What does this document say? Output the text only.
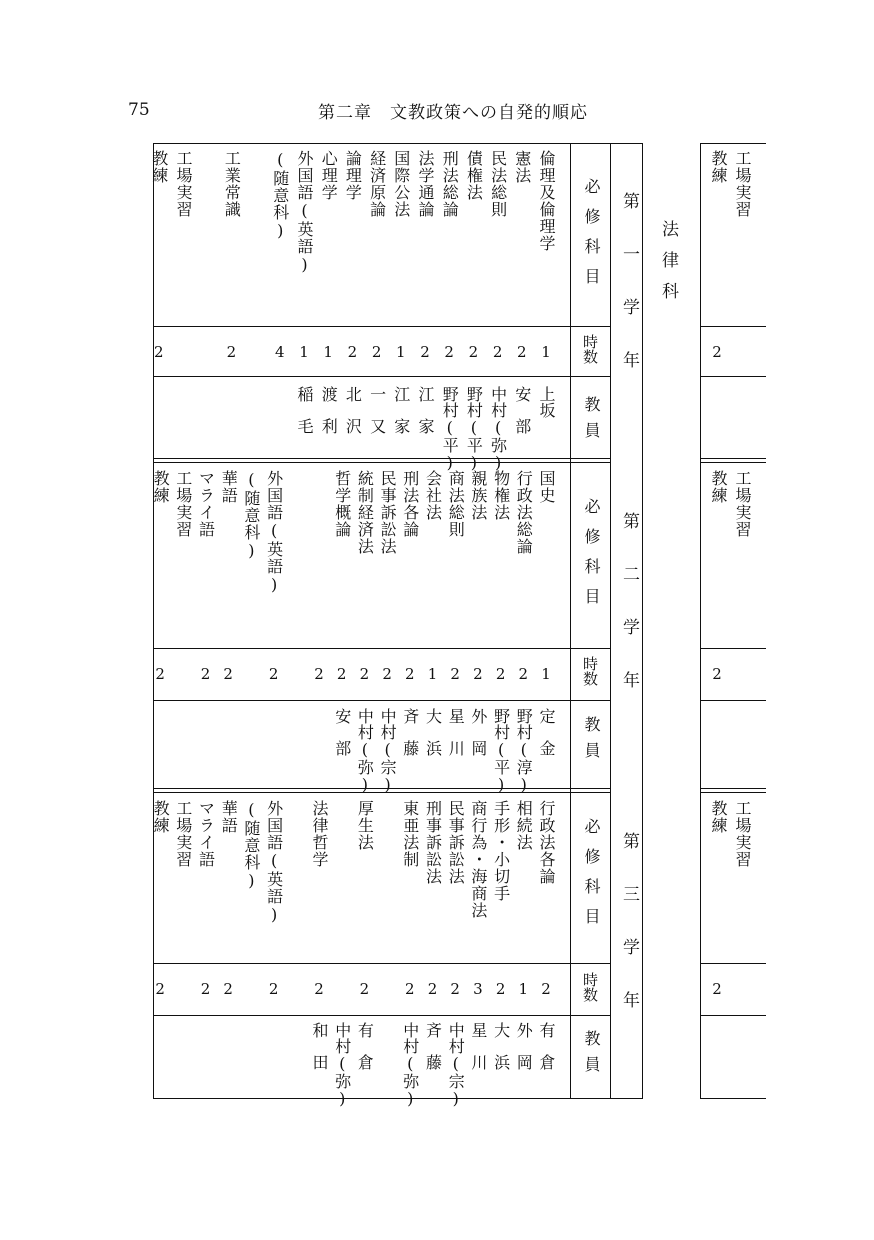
75	第二章　文教政策への自発的順応
法律科
第一学年
第二学年
第三学年
必修科目
時数
教員
必修科目
時数
教員
必修科目
時数
教員
倫理及倫理学
1
上坂
憲法
2
安　部
民法総則
2
中村(弥)
債権法
2
野村(平)
刑法総論
2
野村(平)
法学通論
2
江　家
国際公法
1
江　家
経済原論
2
一　又
論理学
2
北　沢
心理学
1
渡　利
外国語(英語)
1
稲　毛
(随意科)
4
工業常識
2
工場実習
教練
2
国史
1
定　金
行政法総論
2
野村(淳)
物権法
2
野村(平)
親族法
2
外　岡
商法総則
2
星　川
会社法
1
大　浜
刑法各論
2
斉　藤
民事訴訟法
2
中村(宗)
統制経済法
2
中村(弥)
哲学概論
2
安　部
2
外国語(英語)
2
(随意科)
華語
2
マライ語
2
工場実習
教練
2
行政法各論
2
有　倉
相続法
1
外　岡
手形・小切手
2
大　浜
商行為・海商法
3
星　川
民事訴訟法
2
中村(宗)
刑事訴訟法
2
斉　藤
東亜法制
2
中村(弥)
厚生法
2
有　倉
中村(弥)
法律哲学
2
和　田
外国語(英語)
2
(随意科)
華語
2
マライ語
2
工場実習
教練
2
工場実習
教練
2
工場実習
教練
2
工場実習
教練
2
